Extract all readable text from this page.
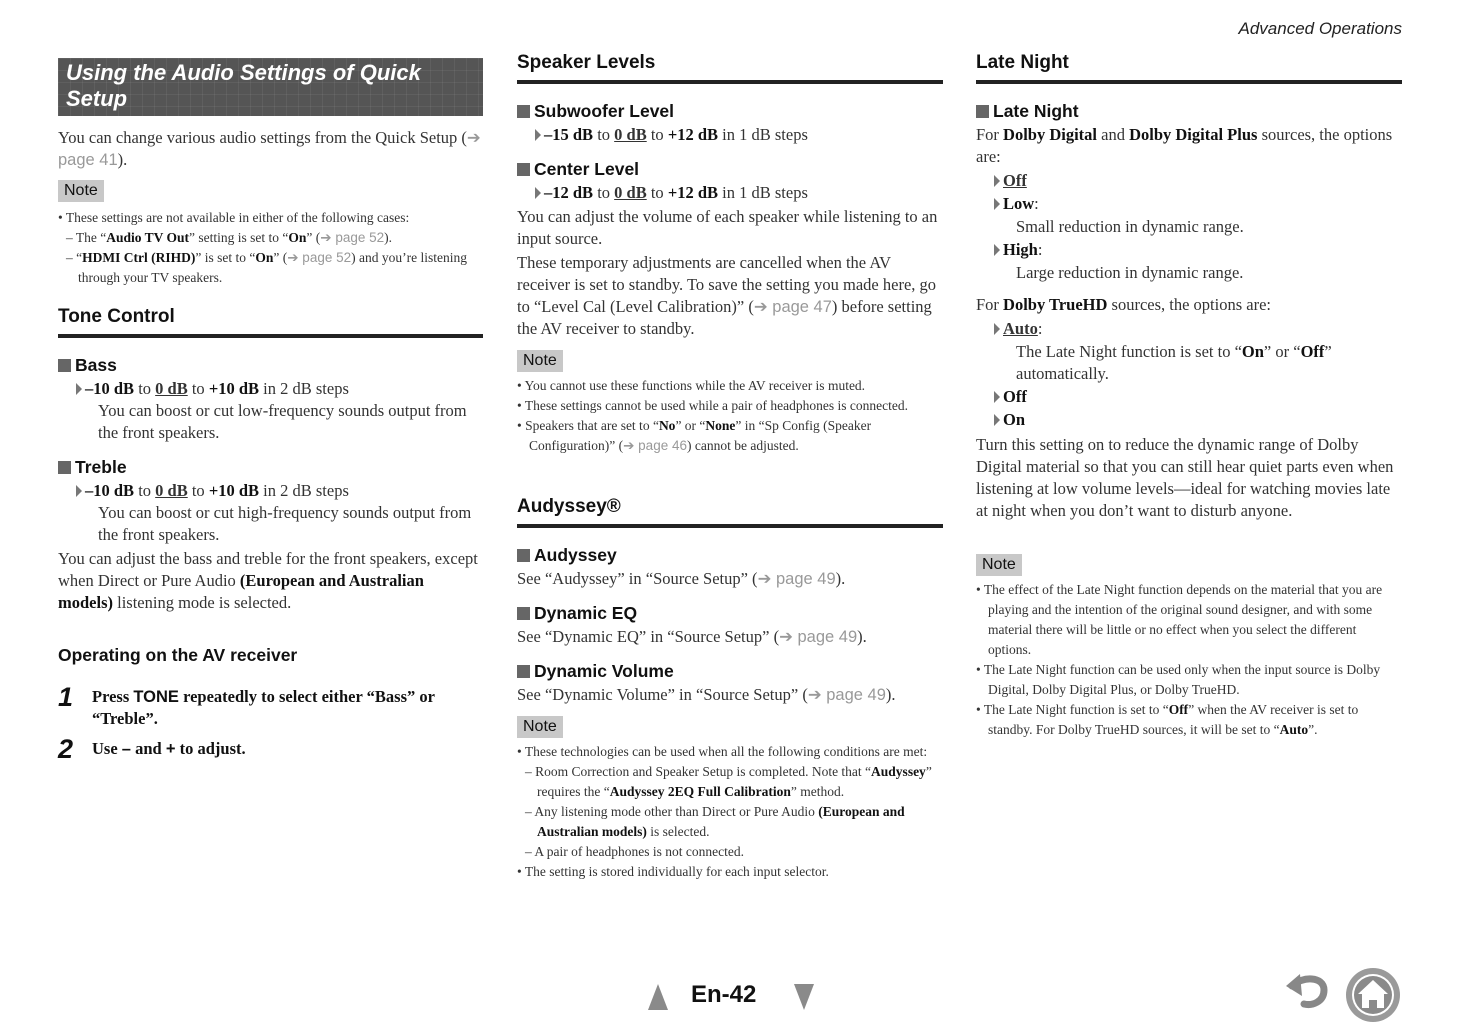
Advanced Operations
Using the Audio Settings of Quick Setup
You can change various audio settings from the Quick Setup (➔ page 41).
Note
• These settings are not available in either of the following cases:
– The “Audio TV Out” setting is set to “On” (➔ page 52).
– “HDMI Ctrl (RIHD)” is set to “On” (➔ page 52) and you’re listening through your TV speakers.
Tone Control
Bass
–10 dB to 0 dB to +10 dB in 2 dB steps
You can boost or cut low-frequency sounds output from the front speakers.
Treble
–10 dB to 0 dB to +10 dB in 2 dB steps
You can boost or cut high-frequency sounds output from the front speakers.
You can adjust the bass and treble for the front speakers, except when Direct or Pure Audio (European and Australian models) listening mode is selected.
Operating on the AV receiver
1 Press TONE repeatedly to select either “Bass” or “Treble”.
2 Use – and + to adjust.
Speaker Levels
Subwoofer Level
–15 dB to 0 dB to +12 dB in 1 dB steps
Center Level
–12 dB to 0 dB to +12 dB in 1 dB steps
You can adjust the volume of each speaker while listening to an input source.
These temporary adjustments are cancelled when the AV receiver is set to standby. To save the setting you made here, go to “Level Cal (Level Calibration)” (➔ page 47) before setting the AV receiver to standby.
Note
• You cannot use these functions while the AV receiver is muted.
• These settings cannot be used while a pair of headphones is connected.
• Speakers that are set to “No” or “None” in “Sp Config (Speaker Configuration)” (➔ page 46) cannot be adjusted.
Audyssey®
Audyssey
See “Audyssey” in “Source Setup” (➔ page 49).
Dynamic EQ
See “Dynamic EQ” in “Source Setup” (➔ page 49).
Dynamic Volume
See “Dynamic Volume” in “Source Setup” (➔ page 49).
Note
• These technologies can be used when all the following conditions are met:
– Room Correction and Speaker Setup is completed. Note that “Audyssey” requires the “Audyssey 2EQ Full Calibration” method.
– Any listening mode other than Direct or Pure Audio (European and Australian models) is selected.
– A pair of headphones is not connected.
• The setting is stored individually for each input selector.
Late Night
Late Night
For Dolby Digital and Dolby Digital Plus sources, the options are:
Off
Low:
Small reduction in dynamic range.
High:
Large reduction in dynamic range.
For Dolby TrueHD sources, the options are:
Auto:
The Late Night function is set to “On” or “Off” automatically.
Off
On
Turn this setting on to reduce the dynamic range of Dolby Digital material so that you can still hear quiet parts even when listening at low volume levels—ideal for watching movies late at night when you don’t want to disturb anyone.
Note
• The effect of the Late Night function depends on the material that you are playing and the intention of the original sound designer, and with some material there will be little or no effect when you select the different options.
• The Late Night function can be used only when the input source is Dolby Digital, Dolby Digital Plus, or Dolby TrueHD.
• The Late Night function is set to “Off” when the AV receiver is set to standby. For Dolby TrueHD sources, it will be set to “Auto”.
En-42
